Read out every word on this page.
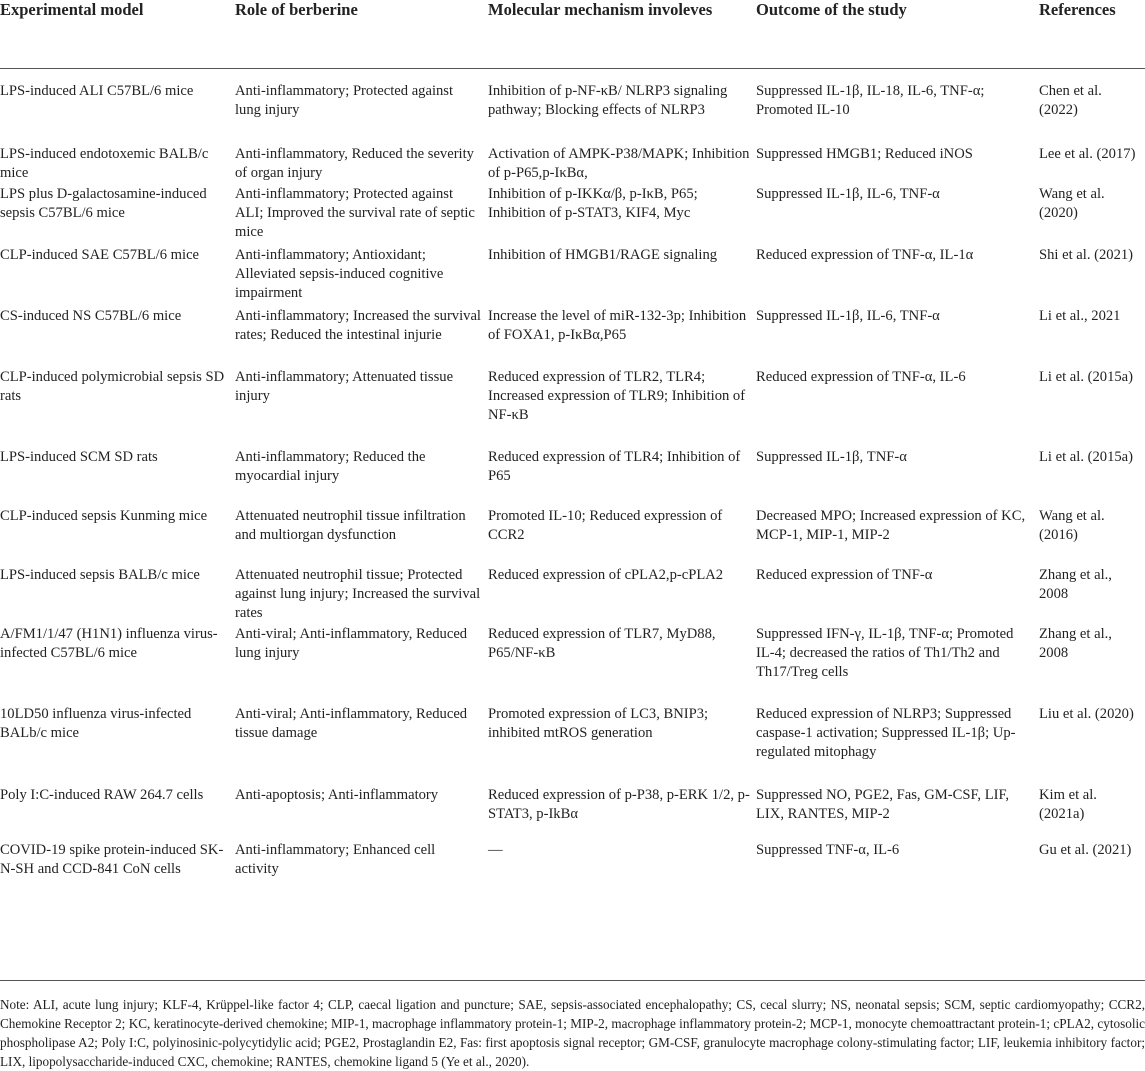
Experimental model	Role of berberine	Molecular mechanism involeves	Outcome of the study	References
LPS-induced ALI C57BL/6 mice	Anti-inflammatory; Protected against lung injury	Inhibition of p-NF-κB/ NLRP3 signaling pathway; Blocking effects of NLRP3	Suppressed IL-1β, IL-18, IL-6, TNF-α; Promoted IL-10	Chen et al. (2022)
LPS-induced endotoxemic BALB/c mice	Anti-inflammatory, Reduced the severity of organ injury	Activation of AMPK-P38/MAPK; Inhibition of p-P65,p-IκBα,	Suppressed HMGB1; Reduced iNOS	Lee et al. (2017)
LPS plus D-galactosamine-induced sepsis C57BL/6 mice	Anti-inflammatory; Protected against ALI; Improved the survival rate of septic mice	Inhibition of p-IKKα/β, p-IκB, P65; Inhibition of p-STAT3, KIF4, Myc	Suppressed IL-1β, IL-6, TNF-α	Wang et al. (2020)
CLP-induced SAE C57BL/6 mice	Anti-inflammatory; Antioxidant; Alleviated sepsis-induced cognitive impairment	Inhibition of HMGB1/RAGE signaling	Reduced expression of TNF-α, IL-1α	Shi et al. (2021)
CS-induced NS C57BL/6 mice	Anti-inflammatory; Increased the survival rates; Reduced the intestinal injurie	Increase the level of miR-132-3p; Inhibition of FOXA1, p-IκBα,P65	Suppressed IL-1β, IL-6, TNF-α	Li et al., 2021
CLP-induced polymicrobial sepsis SD rats	Anti-inflammatory; Attenuated tissue injury	Reduced expression of TLR2, TLR4; Increased expression of TLR9; Inhibition of NF-κB	Reduced expression of TNF-α, IL-6	Li et al. (2015a)
LPS-induced SCM SD rats	Anti-inflammatory; Reduced the myocardial injury	Reduced expression of TLR4; Inhibition of P65	Suppressed IL-1β, TNF-α	Li et al. (2015a)
CLP-induced sepsis Kunming mice	Attenuated neutrophil tissue infiltration and multiorgan dysfunction	Promoted IL-10; Reduced expression of CCR2	Decreased MPO; Increased expression of KC, MCP-1, MIP-1, MIP-2	Wang et al. (2016)
LPS-induced sepsis BALB/c mice	Attenuated neutrophil tissue; Protected against lung injury; Increased the survival rates	Reduced expression of cPLA2,p-cPLA2	Reduced expression of TNF-α	Zhang et al., 2008
A/FM1/1/47 (H1N1) influenza virus-infected C57BL/6 mice	Anti-viral; Anti-inflammatory, Reduced lung injury	Reduced expression of TLR7, MyD88, P65/NF-κB	Suppressed IFN-γ, IL-1β, TNF-α; Promoted IL-4; decreased the ratios of Th1/Th2 and Th17/Treg cells	Zhang et al., 2008
10LD50 influenza virus-infected BALb/c mice	Anti-viral; Anti-inflammatory, Reduced tissue damage	Promoted expression of LC3, BNIP3; inhibited mtROS generation	Reduced expression of NLRP3; Suppressed caspase-1 activation; Suppressed IL-1β; Up-regulated mitophagy	Liu et al. (2020)
Poly I:C-induced RAW 264.7 cells	Anti-apoptosis; Anti-inflammatory	Reduced expression of p-P38, p-ERK 1/2, p-STAT3, p-IkBα	Suppressed NO, PGE2, Fas, GM-CSF, LIF, LIX, RANTES, MIP-2	Kim et al. (2021a)
COVID-19 spike protein-induced SK-N-SH and CCD-841 CoN cells	Anti-inflammatory; Enhanced cell activity	—	Suppressed TNF-α, IL-6	Gu et al. (2021)

Note: ALI, acute lung injury; KLF-4, Krüppel-like factor 4; CLP, caecal ligation and puncture; SAE, sepsis-associated encephalopathy; CS, cecal slurry; NS, neonatal sepsis; SCM, septic cardiomyopathy; CCR2, Chemokine Receptor 2; KC, keratinocyte-derived chemokine; MIP-1, macrophage inflammatory protein-1; MIP-2, macrophage inflammatory protein-2; MCP-1, monocyte chemoattractant protein-1; cPLA2, cytosolic phospholipase A2; Poly I:C, polyinosinic-polycytidylic acid; PGE2, Prostaglandin E2, Fas: first apoptosis signal receptor; GM-CSF, granulocyte macrophage colony-stimulating factor; LIF, leukemia inhibitory factor; LIX, lipopolysaccharide-induced CXC, chemokine; RANTES, chemokine ligand 5 (Ye et al., 2020).
